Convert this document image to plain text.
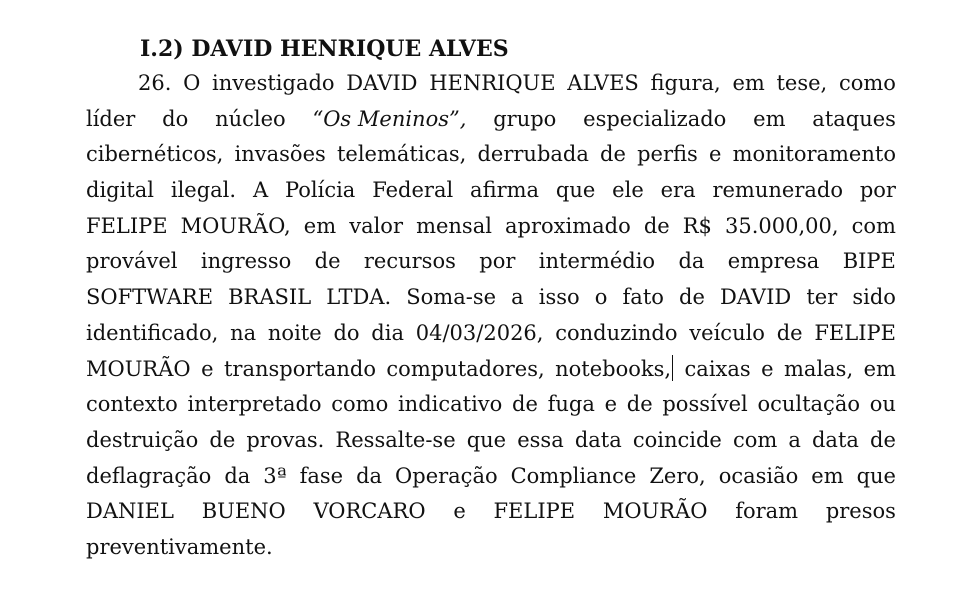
I.2) DAVID HENRIQUE ALVES
26. O investigado DAVID HENRIQUE ALVES figura, em tese, como
líder do núcleo “Os Meninos”, grupo especializado em ataques
cibernéticos, invasões telemáticas, derrubada de perfis e monitoramento
digital ilegal. A Polícia Federal afirma que ele era remunerado por
FELIPE MOURÃO, em valor mensal aproximado de R$ 35.000,00, com
provável ingresso de recursos por intermédio da empresa BIPE
SOFTWARE BRASIL LTDA. Soma-se a isso o fato de DAVID ter sido
identificado, na noite do dia 04/03/2026, conduzindo veículo de FELIPE
MOURÃO e transportando computadores, notebooks, caixas e malas, em
contexto interpretado como indicativo de fuga e de possível ocultação ou
destruição de provas. Ressalte-se que essa data coincide com a data de
deflagração da 3ª fase da Operação Compliance Zero, ocasião em que
DANIEL BUENO VORCARO e FELIPE MOURÃO foram presos
preventivamente.
